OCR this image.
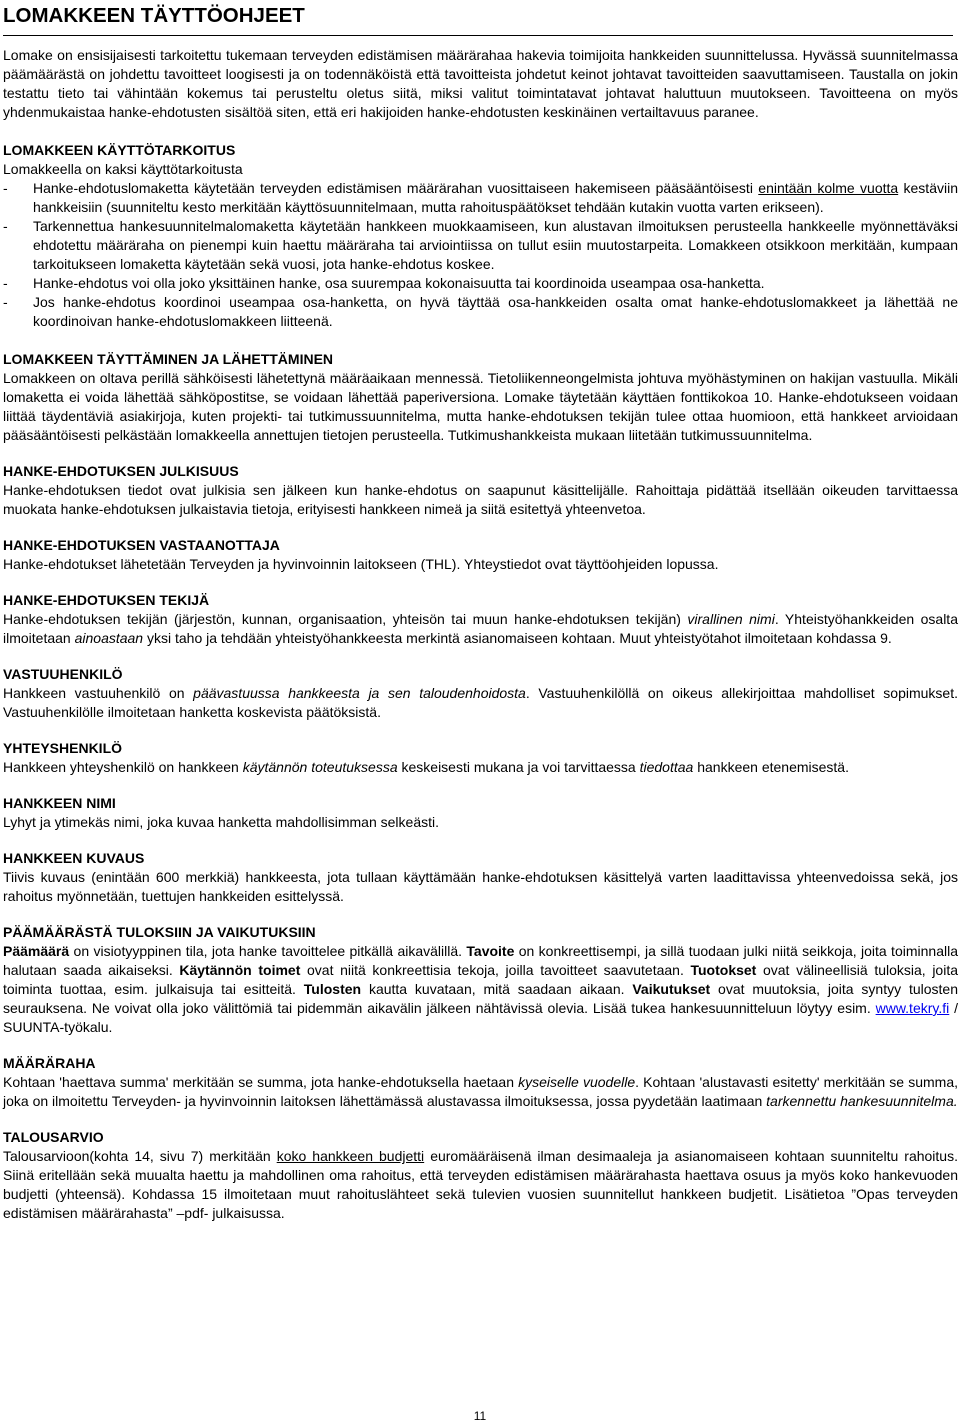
LOMAKKEEN TÄYTTÖOHJEET

Lomake on ensisijaisesti tarkoitettu tukemaan terveyden edistämisen määrärahaa hakevia toimijoita hankkeiden suunnittelussa. Hyvässä suunnitelmassa päämäärästä on johdettu tavoitteet loogisesti ja on todennäköistä että tavoitteista johdetut keinot johtavat tavoitteiden saavuttamiseen. Taustalla on jokin testattu tieto tai vähintään kokemus tai perusteltu oletus siitä, miksi valitut toimintatavat johtavat haluttuun muutokseen. Tavoitteena on myös yhdenmukaistaa hanke-ehdotusten sisältöä siten, että eri hakijoiden hanke-ehdotusten keskinäinen vertailtavuus paranee.

LOMAKKEEN KÄYTTÖTARKOITUS

Lomakkeella on kaksi käyttötarkoitusta

-	Hanke-ehdotuslomaketta käytetään terveyden edistämisen määrärahan vuosittaiseen hakemiseen pääsääntöisesti enintään kolme vuotta kestäviin hankkeisiin (suunniteltu kesto merkitään käyttösuunnitelmaan, mutta rahoituspäätökset tehdään kutakin vuotta varten erikseen).
-	Tarkennettua hankesuunnitelmalomaketta käytetään hankkeen muokkaamiseen, kun alustavan ilmoituksen perusteella hankkeelle myönnettäväksi ehdotettu määräraha on pienempi kuin haettu määräraha tai arviointiissa on tullut esiin muutostarpeita. Lomakkeen otsikkoon merkitään, kumpaan tarkoitukseen lomaketta käytetään sekä vuosi, jota hanke-ehdotus koskee.
-	Hanke-ehdotus voi olla joko yksittäinen hanke, osa suurempaa kokonaisuutta tai koordinoida useampaa osa-hanketta.
-	Jos hanke-ehdotus koordinoi useampaa osa-hanketta, on hyvä täyttää osa-hankkeiden osalta omat hanke-ehdotuslomakkeet ja lähettää ne koordinoivan hanke-ehdotuslomakkeen liitteenä.

LOMAKKEEN TÄYTTÄMINEN JA LÄHETTÄMINEN

Lomakkeen on oltava perillä sähköisesti lähetettynä määräaikaan mennessä. Tietoliikenneongelmista johtuva myöhästyminen on hakijan vastuulla. Mikäli lomaketta ei voida lähettää sähköpostitse, se voidaan lähettää paperiversiona. Lomake täytetään käyttäen fonttikokoa 10. Hanke-ehdotukseen voidaan liittää täydentäviä asiakirjoja, kuten projekti- tai tutkimussuunnitelma, mutta hanke-ehdotuksen tekijän tulee ottaa huomioon, että hankkeet arvioidaan pääsääntöisesti pelkästään lomakkeella annettujen tietojen perusteella. Tutkimushankkeista mukaan liitetään tutkimussuunnitelma.

HANKE-EHDOTUKSEN JULKISUUS

Hanke-ehdotuksen tiedot ovat julkisia sen jälkeen kun hanke-ehdotus on saapunut käsittelijälle. Rahoittaja pidättää itsellään oikeuden tarvittaessa muokata hanke-ehdotuksen julkaistavia tietoja, erityisesti hankkeen nimeä ja siitä esitettyä yhteenvetoa.

HANKE-EHDOTUKSEN VASTAANOTTAJA

Hanke-ehdotukset lähetetään Terveyden ja hyvinvoinnin laitokseen (THL). Yhteystiedot ovat täyttöohjeiden lopussa.

HANKE-EHDOTUKSEN TEKIJÄ

Hanke-ehdotuksen tekijän (järjestön, kunnan, organisaation, yhteisön tai muun hanke-ehdotuksen tekijän) virallinen nimi. Yhteistyöhankkeiden osalta ilmoitetaan ainoastaan yksi taho ja tehdään yhteistyöhankkeesta merkintä asianomaiseen kohtaan. Muut yhteistyötahot ilmoitetaan kohdassa 9.

VASTUUHENKILÖ

Hankkeen vastuuhenkilö on päävastuussa hankkeesta ja sen taloudenhoidosta. Vastuuhenkilöllä on oikeus allekirjoittaa mahdolliset sopimukset. Vastuuhenkilölle ilmoitetaan hanketta koskevista päätöksistä.

YHTEYSHENKILÖ

Hankkeen yhteyshenkilö on hankkeen käytännön toteutuksessa keskeisesti mukana ja voi tarvittaessa tiedottaa hankkeen etenemisestä.

HANKKEEN NIMI

Lyhyt ja ytimekäs nimi, joka kuvaa hanketta mahdollisimman selkeästi.

HANKKEEN KUVAUS

Tiivis kuvaus (enintään 600 merkkiä) hankkeesta, jota tullaan käyttämään hanke-ehdotuksen käsittelyä varten laadittavissa yhteenvedoissa sekä, jos rahoitus myönnetään, tuettujen hankkeiden esittelyssä.

PÄÄMÄÄRÄSTÄ TULOKSIIN JA VAIKUTUKSIIN

Päämäärä on visiotyyppinen tila, jota hanke tavoittelee pitkällä aikavälillä. Tavoite on konkreettisempi, ja sillä tuodaan julki niitä seikkoja, joita toiminnalla halutaan saada aikaiseksi. Käytännön toimet ovat niitä konkreettisia tekoja, joilla tavoitteet saavutetaan. Tuotokset ovat välineellisiä tuloksia, joita toiminta tuottaa, esim. julkaisuja tai esitteitä. Tulosten kautta kuvataan, mitä saadaan aikaan. Vaikutukset ovat muutoksia, joita syntyy tulosten seurauksena. Ne voivat olla joko välittömiä tai pidemmän aikavälin jälkeen nähtävissä olevia. Lisää tukea hankesuunnitteluun löytyy esim. www.tekry.fi / SUUNTA-työkalu.

MÄÄRÄRAHA

Kohtaan 'haettava summa' merkitään se summa, jota hanke-ehdotuksella haetaan kyseiselle vuodelle. Kohtaan 'alustavasti esitetty' merkitään se summa, joka on ilmoitettu Terveyden- ja hyvinvoinnin laitoksen lähettämässä alustavassa ilmoituksessa, jossa pyydetään laatimaan tarkennettu hankesuunnitelma.

TALOUSARVIO

Talousarvioon(kohta 14, sivu 7) merkitään koko hankkeen budjetti euromääräisenä ilman desimaaleja ja asianomaiseen kohtaan suunniteltu rahoitus. Siinä eritellään sekä muualta haettu ja mahdollinen oma rahoitus, että terveyden edistämisen määrärahasta haettava osuus ja myös koko hankevuoden budjetti (yhteensä). Kohdassa 15 ilmoitetaan muut rahoituslähteet sekä tulevien vuosien suunnitellut hankkeen budjetit. Lisätietoa ”Opas terveyden edistämisen määrärahasta” –pdf- julkaisussa.

11
